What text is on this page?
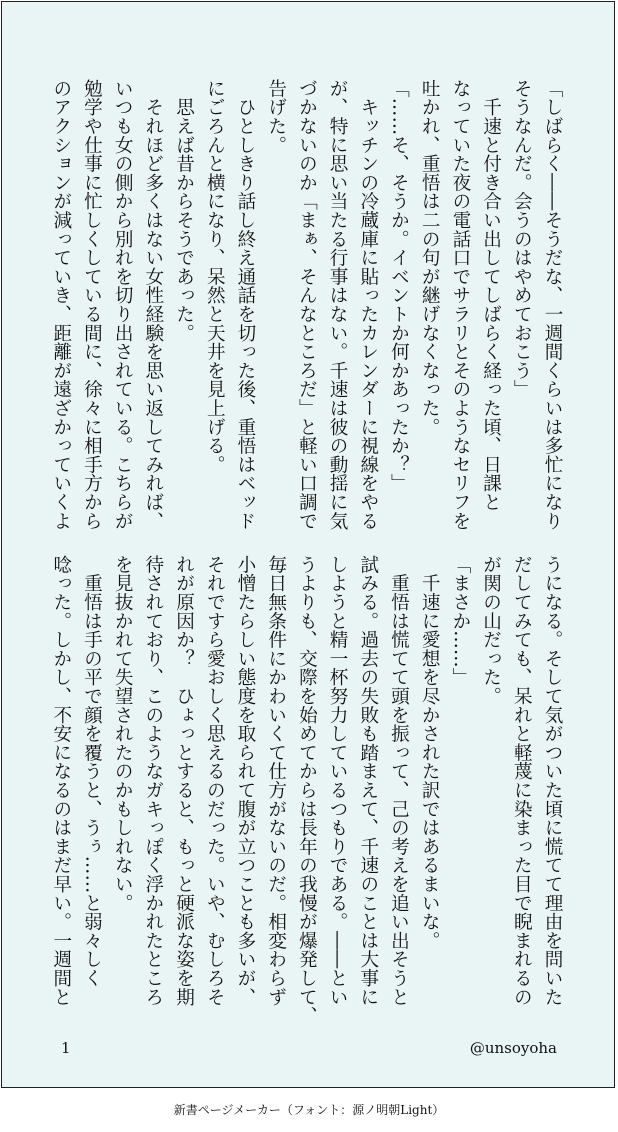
「しばらく――そうだな、一週間くらいは多忙になり
そうなんだ。会うのはやめておこう」
　千速と付き合い出してしばらく経った頃、日課と
なっていた夜の電話口でサラリとそのようなセリフを
吐かれ、重悟は二の句が継げなくなった。
「……そ、そうか。イベントか何かあったか？」
　キッチンの冷蔵庫に貼ったカレンダーに視線をやる
が、特に思い当たる行事はない。千速は彼の動揺に気
づかないのか「まぁ、そんなところだ」と軽い口調で
告げた。
　ひとしきり話し終え通話を切った後、重悟はベッド
にごろんと横になり、呆然と天井を見上げる。
　思えば昔からそうであった。
　それほど多くはない女性経験を思い返してみれば、
いつも女の側から別れを切り出されている。こちらが
勉学や仕事に忙しくしている間に、徐々に相手方から
のアクションが減っていき、距離が遠ざかっていくよ
うになる。そして気がついた頃に慌てて理由を問いた
だしてみても、呆れと軽蔑に染まった目で睨まれるの
が関の山だった。
「まさか……」
　千速に愛想を尽かされた訳ではあるまいな。
　重悟は慌てて頭を振って、己の考えを追い出そうと
試みる。過去の失敗も踏まえて、千速のことは大事に
しようと精一杯努力しているつもりである。――とい
うよりも、交際を始めてからは長年の我慢が爆発して、
毎日無条件にかわいくて仕方がないのだ。相変わらず
小憎たらしい態度を取られて腹が立つことも多いが、
それですら愛おしく思えるのだった。いや、むしろそ
れが原因か？　ひょっとすると、もっと硬派な姿を期
待されており、このようなガキっぽく浮かれたところ
を見抜かれて失望されたのかもしれない。
　重悟は手の平で顔を覆うと、うぅ……と弱々しく
唸った。しかし、不安になるのはまだ早い。一週間と
1	@unsoyoha
新書ページメーカー（フォント：源ノ明朝Light）
